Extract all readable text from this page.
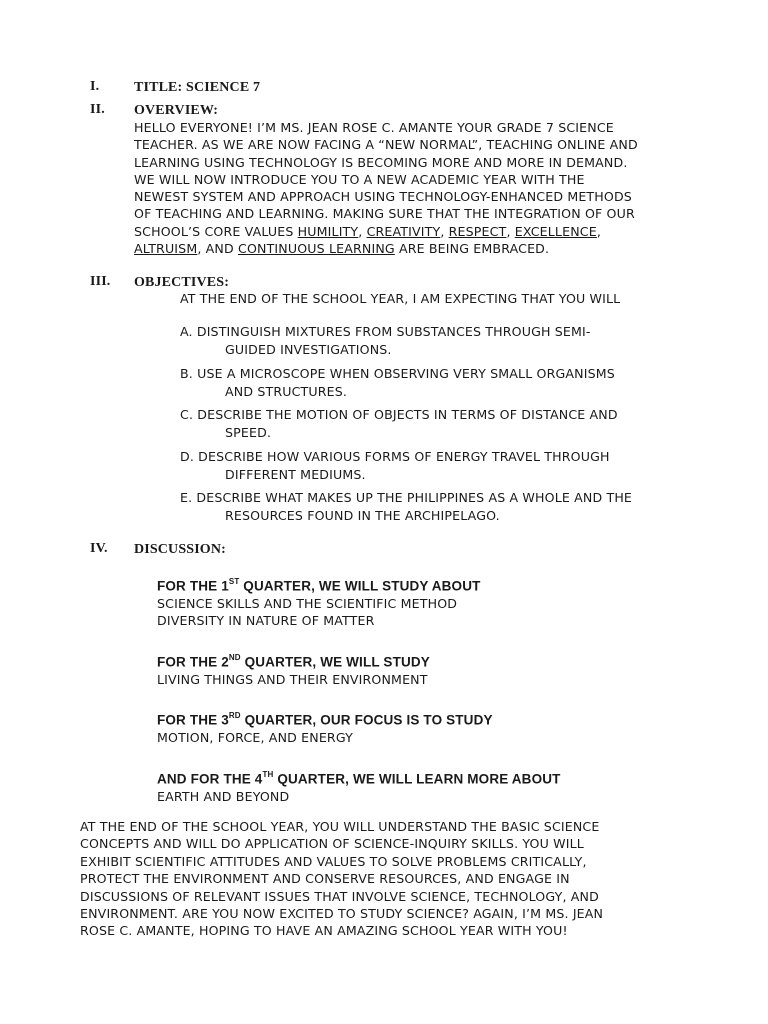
I. TITLE: SCIENCE 7
II. OVERVIEW:
HELLO EVERYONE! I’M MS. JEAN ROSE C. AMANTE YOUR GRADE 7 SCIENCE
TEACHER. AS WE ARE NOW FACING A “NEW NORMAL”, TEACHING ONLINE AND
LEARNING USING TECHNOLOGY IS BECOMING MORE AND MORE IN DEMAND.
WE WILL NOW INTRODUCE YOU TO A NEW ACADEMIC YEAR WITH THE
NEWEST SYSTEM AND APPROACH USING TECHNOLOGY-ENHANCED METHODS
OF TEACHING AND LEARNING. MAKING SURE THAT THE INTEGRATION OF OUR
SCHOOL’S CORE VALUES HUMILITY, CREATIVITY, RESPECT, EXCELLENCE,
ALTRUISM, AND CONTINUOUS LEARNING ARE BEING EMBRACED.
III. OBJECTIVES:
AT THE END OF THE SCHOOL YEAR, I AM EXPECTING THAT YOU WILL
A. DISTINGUISH MIXTURES FROM SUBSTANCES THROUGH SEMI-
GUIDED INVESTIGATIONS.
B. USE A MICROSCOPE WHEN OBSERVING VERY SMALL ORGANISMS
AND STRUCTURES.
C. DESCRIBE THE MOTION OF OBJECTS IN TERMS OF DISTANCE AND
SPEED.
D. DESCRIBE HOW VARIOUS FORMS OF ENERGY TRAVEL THROUGH
DIFFERENT MEDIUMS.
E. DESCRIBE WHAT MAKES UP THE PHILIPPINES AS A WHOLE AND THE
RESOURCES FOUND IN THE ARCHIPELAGO.
IV. DISCUSSION:
FOR THE 1ST QUARTER, WE WILL STUDY ABOUT
SCIENCE SKILLS AND THE SCIENTIFIC METHOD
DIVERSITY IN NATURE OF MATTER
FOR THE 2ND QUARTER, WE WILL STUDY
LIVING THINGS AND THEIR ENVIRONMENT
FOR THE 3RD QUARTER, OUR FOCUS IS TO STUDY
MOTION, FORCE, AND ENERGY
AND FOR THE 4TH QUARTER, WE WILL LEARN MORE ABOUT
EARTH AND BEYOND
AT THE END OF THE SCHOOL YEAR, YOU WILL UNDERSTAND THE BASIC SCIENCE
CONCEPTS AND WILL DO APPLICATION OF SCIENCE-INQUIRY SKILLS. YOU WILL
EXHIBIT SCIENTIFIC ATTITUDES AND VALUES TO SOLVE PROBLEMS CRITICALLY,
PROTECT THE ENVIRONMENT AND CONSERVE RESOURCES, AND ENGAGE IN
DISCUSSIONS OF RELEVANT ISSUES THAT INVOLVE SCIENCE, TECHNOLOGY, AND
ENVIRONMENT. ARE YOU NOW EXCITED TO STUDY SCIENCE? AGAIN, I’M MS. JEAN
ROSE C. AMANTE, HOPING TO HAVE AN AMAZING SCHOOL YEAR WITH YOU!
